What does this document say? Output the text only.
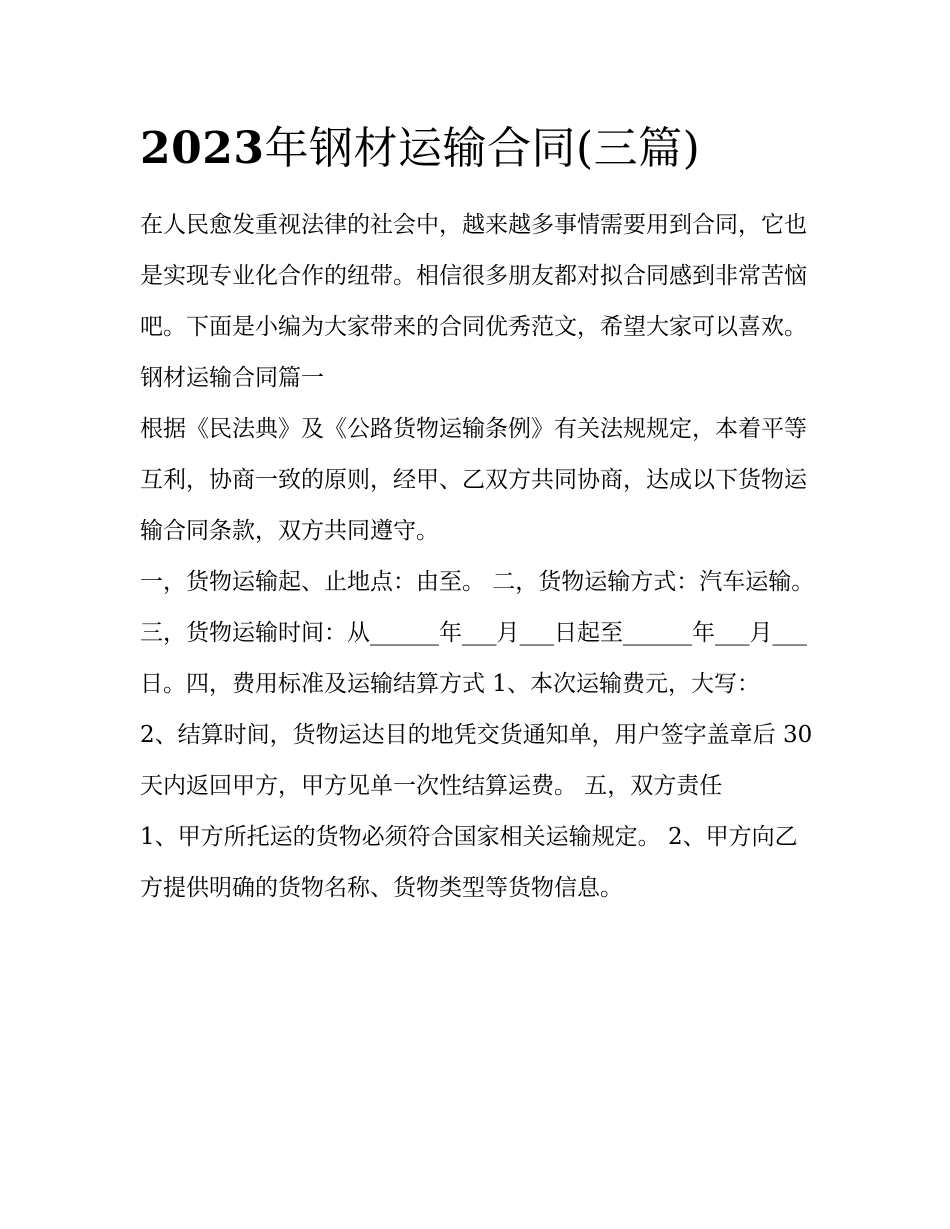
2023年钢材运输合同(三篇)

在人民愈发重视法律的社会中，越来越多事情需要用到合同，它也是实现专业化合作的纽带。相信很多朋友都对拟合同感到非常苦恼吧。下面是小编为大家带来的合同优秀范文，希望大家可以喜欢。

钢材运输合同篇一

根据《民法典》及《公路货物运输条例》有关法规规定，本着平等互利，协商一致的原则，经甲、乙双方共同协商，达成以下货物运输合同条款，双方共同遵守。

一，货物运输起、止地点：由至。 二，货物运输方式：汽车运输。

三，货物运输时间：从______年___月___日起至______年___月___日。四，费用标准及运输结算方式 1、本次运输费元，大写：

2、结算时间，货物运达目的地凭交货通知单，用户签字盖章后 30 天内返回甲方，甲方见单一次性结算运费。 五，双方责任

1、甲方所托运的货物必须符合国家相关运输规定。 2、甲方向乙方提供明确的货物名称、货物类型等货物信息。
